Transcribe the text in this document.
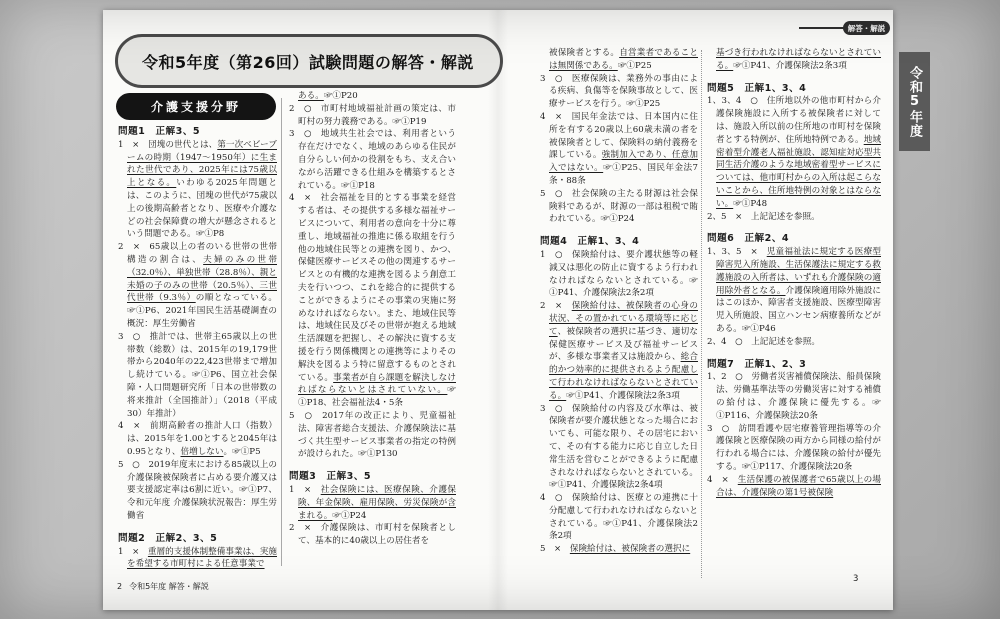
令和5年度（第26回）試験問題の解答・解説
介護支援分野

問題1　正解3、5

1　×　団塊の世代とは、第一次ベビーブームの時期（1947〜1950年）に生まれた世代であり、2025年には75歳以上となる。いわゆる2025年問題とは、このように、団塊の世代が75歳以上の後期高齢者となり、医療や介護などの社会保障費の増大が懸念されるという問題である。☞①P8

2　×　65歳以上の者のいる世帯の世帯構造の割合は、夫婦のみの世帯（32.0％）、単独世帯（28.8％）、親と未婚の子のみの世帯（20.5％）、三世代世帯（9.3％）の順となっている。☞①P6、2021年国民生活基礎調査の概況：厚生労働省

3　○　推計では、世帯主65歳以上の世帯数（総数）は、2015年の19,179世帯から2040年の22,423世帯まで増加し続けている。☞①P6、国立社会保障・人口問題研究所「日本の世帯数の将来推計（全国推計）」（2018（平成30）年推計）

4　×　前期高齢者の推計人口（指数）は、2015年を1.00とすると2045年は0.95となり、倍増しない。☞①P5

5　○　2019年度末における85歳以上の介護保険被保険者に占める要介護又は要支援認定率は6割に近い。☞①P7、令和元年度 介護保険状況報告：厚生労働省

問題2　正解2、3、5

1　×　重層的支援体制整備事業は、実施を希望する市町村による任意事業で

ある。☞①P20

2　○　市町村地域福祉計画の策定は、市町村の努力義務である。☞①P19

3　○　地域共生社会では、利用者という存在だけでなく、地域のあらゆる住民が自分らしい何かの役割をもち、支え合いながら活躍できる仕組みを構築するとされている。☞①P18

4　×　社会福祉を目的とする事業を経営する者は、その提供する多様な福祉サービスについて、利用者の意向を十分に尊重し、地域福祉の推進に係る取組を行う他の地域住民等との連携を図り、かつ、保健医療サービスその他の関連するサービスとの有機的な連携を図るよう創意工夫を行いつつ、これを総合的に提供することができるようにその事業の実施に努めなければならない。また、地域住民等は、地域住民及びその世帯が抱える地域生活課題を把握し、その解決に資する支援を行う関係機関との連携等によりその解決を図るよう特に留意するものとされている。事業者が自ら課題を解決しなければならないとはされていない。☞①P18、社会福祉法4・5条

5　○　2017年の改正により、児童福祉法、障害者総合支援法、介護保険法に基づく共生型サービス事業者の指定の特例が設けられた。☞①P130

問題3　正解3、5

1　×　社会保険には、医療保険、介護保険、年金保険、雇用保険、労災保険が含まれる。☞①P24

2　×　介護保険は、市町村を保険者として、基本的に40歳以上の居住者を

被保険者とする。自営業者であることは無関係である。☞①P25

3　○　医療保険は、業務外の事由による疾病、負傷等を保険事故として、医療サービスを行う。☞①P25

4　×　国民年金法では、日本国内に住所を有する20歳以上60歳未満の者を被保険者として、保険料の納付義務を課している。強制加入であり、任意加入ではない。☞①P25、国民年金法7条・88条

5　○　社会保険の主たる財源は社会保険料であるが、財源の一部は租税で賄われている。☞①P24

問題4　正解1、3、4

1　○　保険給付は、要介護状態等の軽減又は悪化の防止に資するよう行われなければならないとされている。☞①P41、介護保険法2条2項

2　×　保険給付は、被保険者の心身の状況、その置かれている環境等に応じて、被保険者の選択に基づき、適切な保健医療サービス及び福祉サービスが、多様な事業者又は施設から、総合的かつ効率的に提供されるよう配慮して行われなければならないとされている。☞①P41、介護保険法2条3項

3　○　保険給付の内容及び水準は、被保険者が要介護状態となった場合においても、可能な限り、その居宅において、その有する能力に応じ自立した日常生活を営むことができるように配慮されなければならないとされている。☞①P41、介護保険法2条4項

4　○　保険給付は、医療との連携に十分配慮して行われなければならないとされている。☞①P41、介護保険法2条2項

5　×　保険給付は、被保険者の選択に

基づき行われなければならないとされている。☞①P41、介護保険法2条3項

問題5　正解1、3、4

1、3、4　○　住所地以外の他市町村から介護保険施設に入所する被保険者に対しては、施設入所以前の住所地の市町村を保険者とする特例が、住所地特例である。地域密着型介護老人福祉施設、認知症対応型共同生活介護のような地域密着型サービスについては、他市町村からの入所は起こらないことから、住所地特例の対象とはならない。☞①P48

2、5　×　上記記述を参照。

問題6　正解2、4

1、3、5　×　児童福祉法に規定する医療型障害児入所施設、生活保護法に規定する救護施設の入所者は、いずれも介護保険の適用除外者となる。介護保険適用除外施設にはこのほか、障害者支援施設、医療型障害児入所施設、国立ハンセン病療養所などがある。☞①P46

2、4　○　上記記述を参照。

問題7　正解1、2、3

1、2　○　労働者災害補償保険法、船員保険法、労働基準法等の労働災害に対する補償の給付は、介護保険に優先する。☞①P116、介護保険法20条

3　○　訪問看護や居宅療養管理指導等の介護保険と医療保険の両方から同様の給付が行われる場合には、介護保険の給付が優先する。☞①P117、介護保険法20条

4　×　生活保護の被保護者で65歳以上の場合は、介護保険の第1号被保険

解答・解説
令和5年度
2 令和5年度 解答・解説
3
